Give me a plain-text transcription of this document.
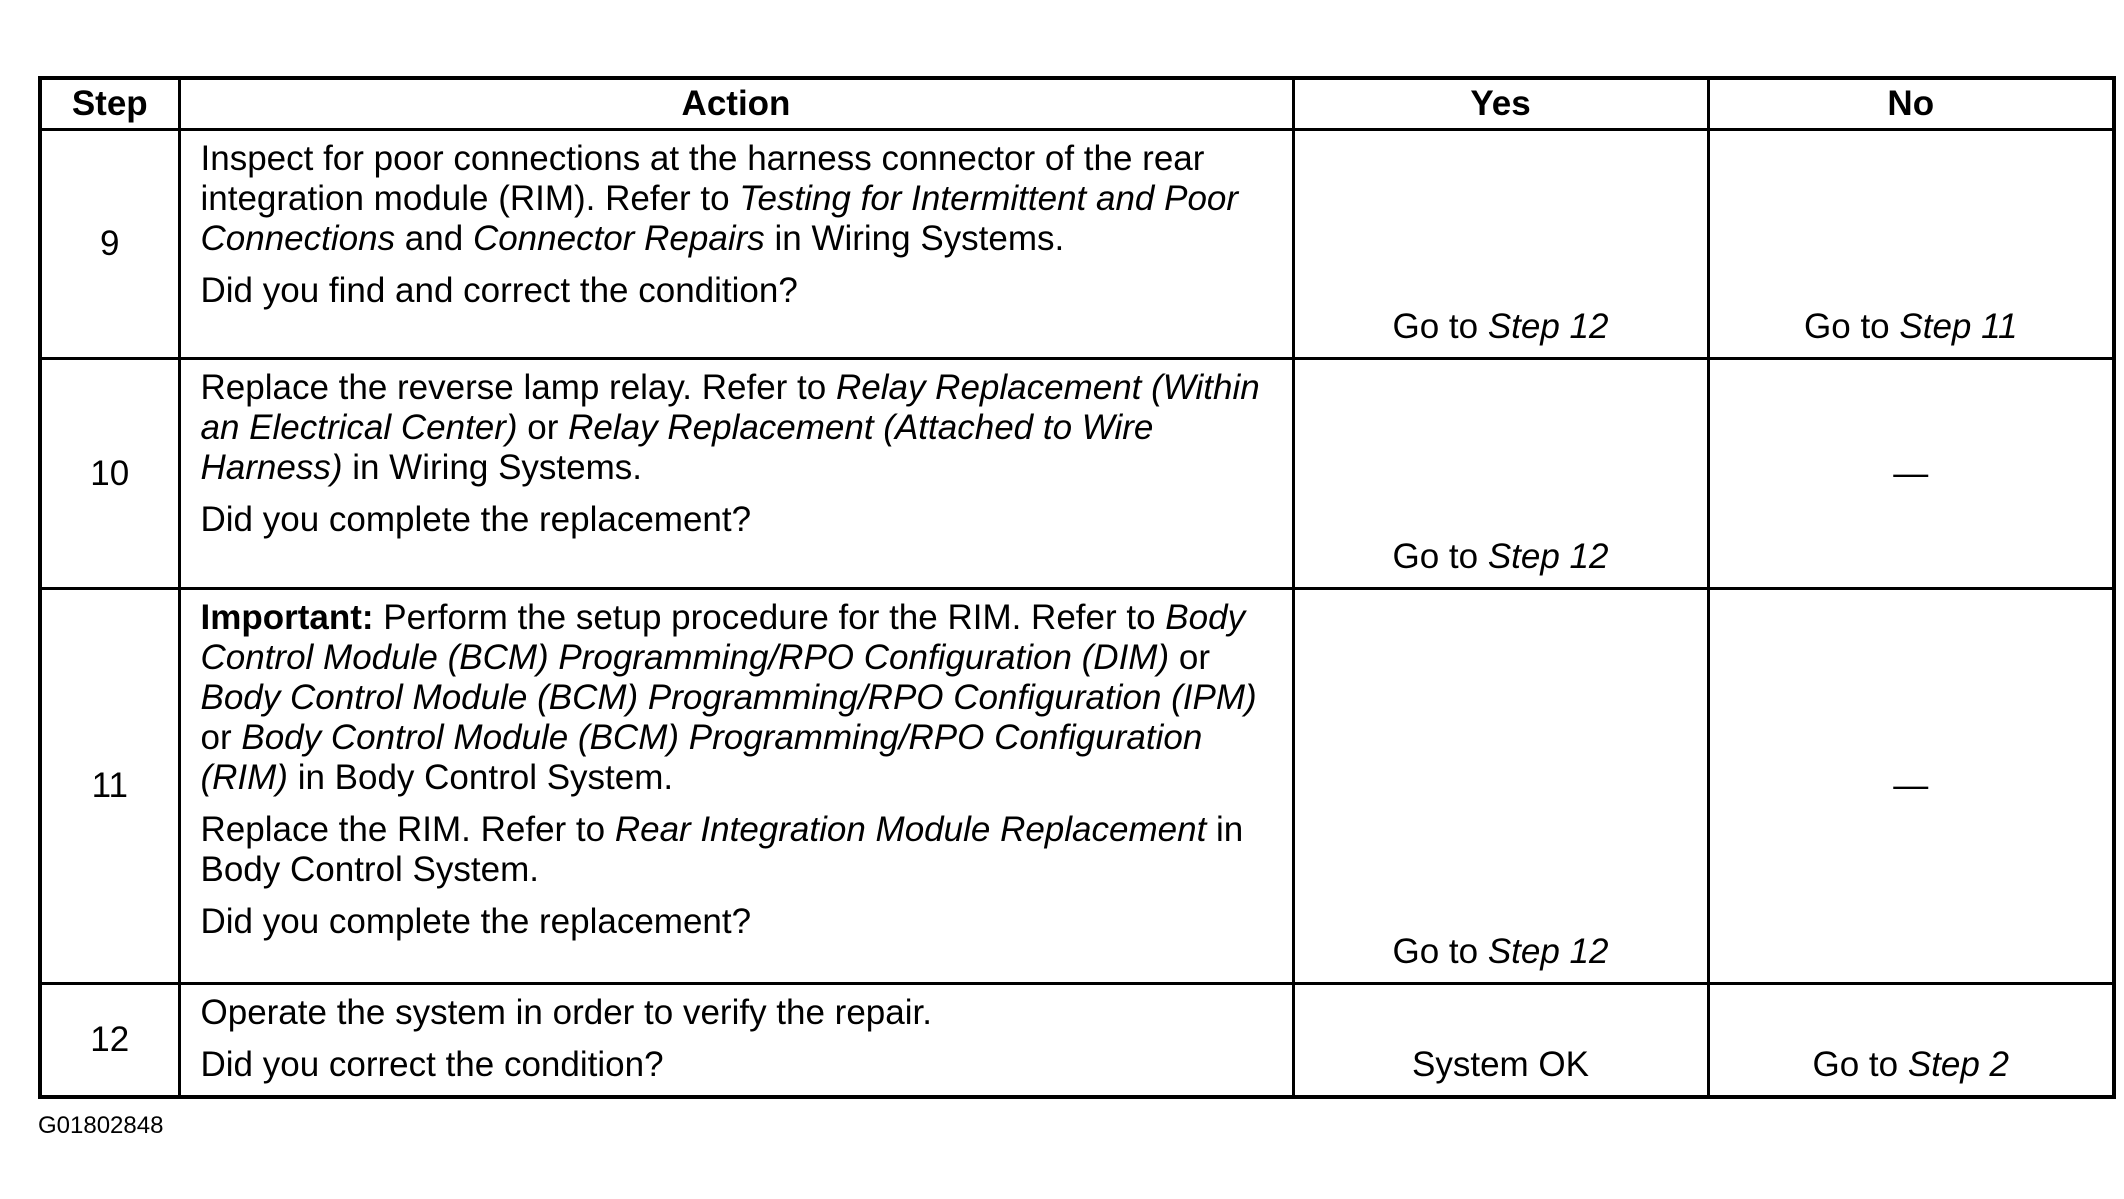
Step	Action	Yes	No
9	Inspect for poor connections at the harness connector of the rear integration module (RIM). Refer to Testing for Intermittent and Poor Connections and Connector Repairs in Wiring Systems.

Did you find and correct the condition?	Go to Step 12	Go to Step 11
10	Replace the reverse lamp relay. Refer to Relay Replacement (Within an Electrical Center) or Relay Replacement (Attached to Wire Harness) in Wiring Systems.

Did you complete the replacement?	Go to Step 12	—
11	Important: Perform the setup procedure for the RIM. Refer to Body Control Module (BCM) Programming/RPO Configuration (DIM) or Body Control Module (BCM) Programming/RPO Configuration (IPM) or Body Control Module (BCM) Programming/RPO Configuration (RIM) in Body Control System.

Replace the RIM. Refer to Rear Integration Module Replacement in Body Control System.

Did you complete the replacement?	Go to Step 12	—
12	Operate the system in order to verify the repair.

Did you correct the condition?	System OK	Go to Step 2
G01802848
